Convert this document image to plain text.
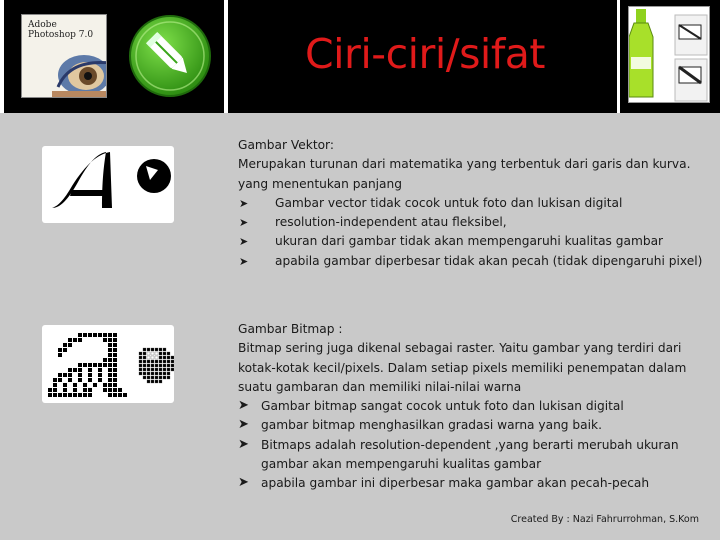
Adobe
Photoshop 7.0	Ciri-ciri/sifat
Gambar Vektor:
Merupakan turunan dari matematika yang terbentuk dari garis dan kurva. yang menentukan panjang
➤ Gambar vector tidak cocok untuk foto dan lukisan digital
➤ resolution-independent atau fleksibel,
➤ ukuran dari gambar tidak akan mempengaruhi kualitas gambar
➤ apabila gambar diperbesar tidak akan pecah (tidak dipengaruhi pixel)
Gambar Bitmap :
Bitmap sering juga dikenal sebagai raster. Yaitu gambar yang terdiri dari kotak-kotak kecil/pixels. Dalam setiap pixels memiliki penempatan dalam suatu gambaran dan memiliki nilai-nilai warna
➤ Gambar bitmap sangat cocok untuk foto dan lukisan digital
➤ gambar bitmap menghasilkan gradasi warna yang baik.
➤ Bitmaps adalah resolution-dependent ,yang berarti merubah ukuran gambar akan mempengaruhi kualitas gambar
➤ apabila gambar ini diperbesar maka gambar akan pecah-pecah
Created By : Nazi Fahrurrohman, S.Kom
